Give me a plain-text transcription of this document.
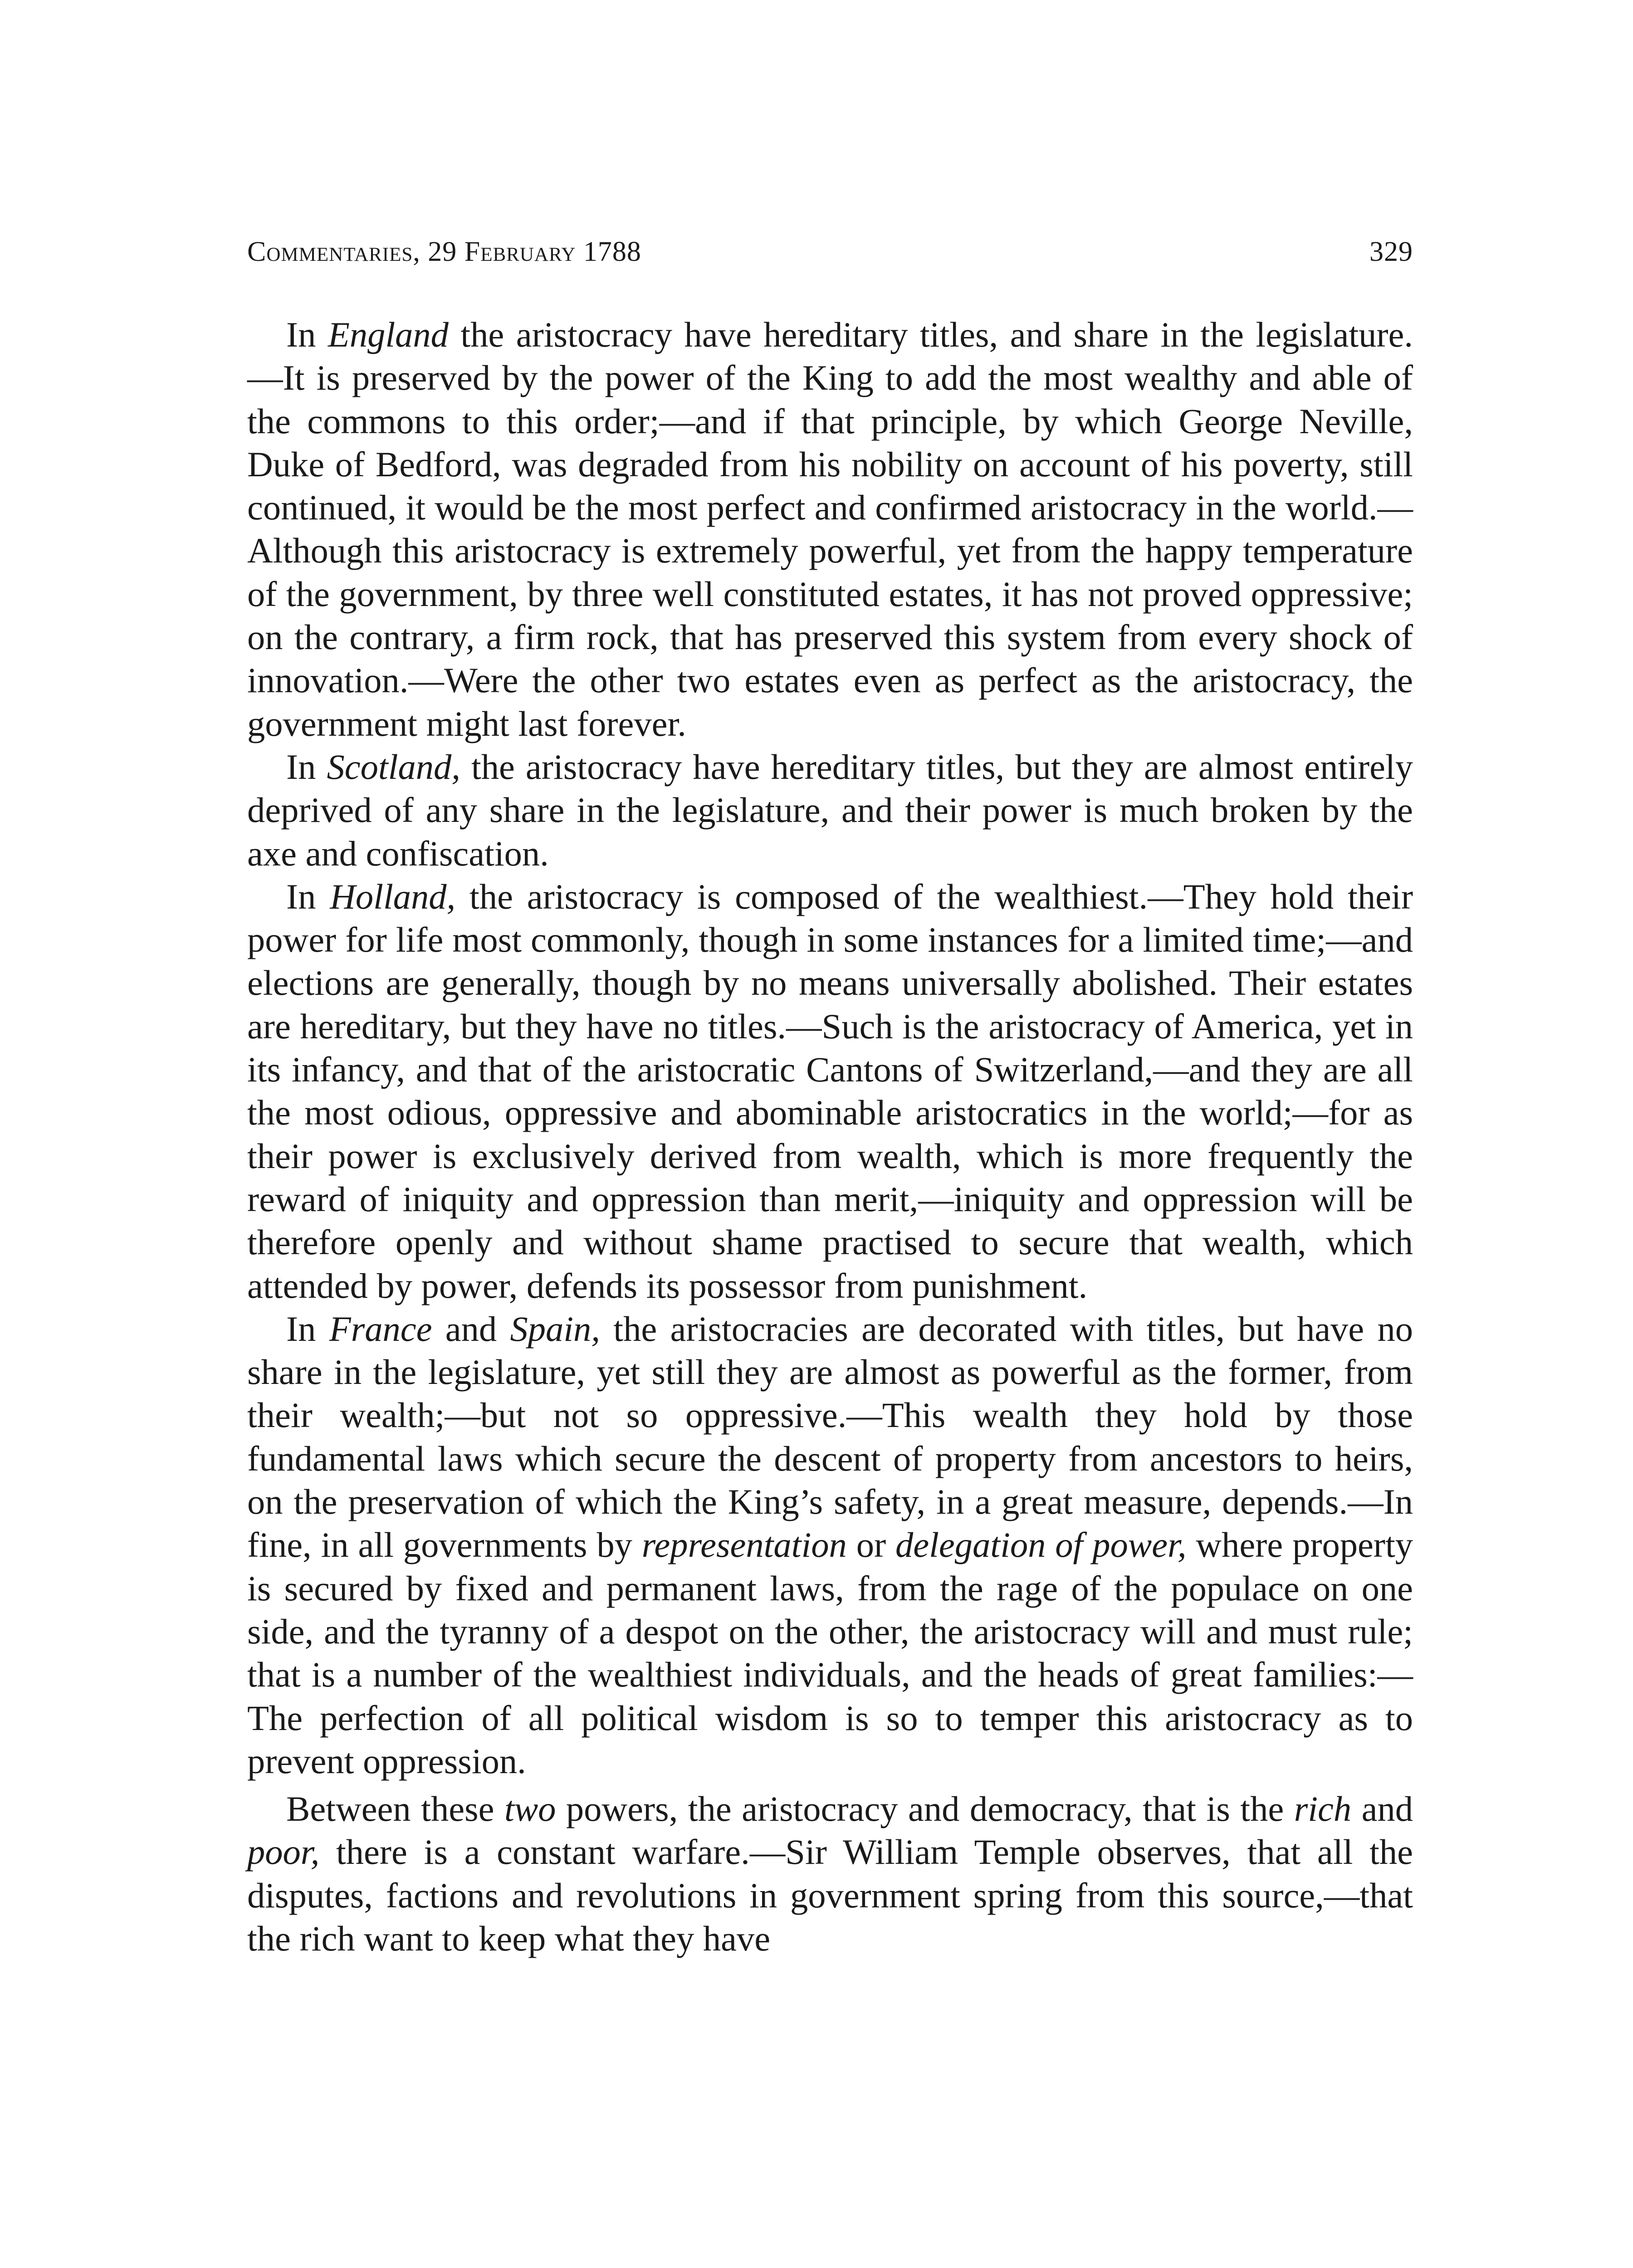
Commentaries, 29 February 1788	329

In England the aristocracy have hereditary titles, and share in the legislature.—It is preserved by the power of the King to add the most wealthy and able of the commons to this order;—and if that principle, by which George Neville, Duke of Bedford, was degraded from his nobility on account of his poverty, still continued, it would be the most perfect and confirmed aristocracy in the world.—Although this aristocracy is extremely powerful, yet from the happy temperature of the government, by three well constituted estates, it has not proved oppressive; on the contrary, a firm rock, that has preserved this system from every shock of innovation.—Were the other two estates even as perfect as the aristocracy, the government might last forever.

In Scotland, the aristocracy have hereditary titles, but they are almost entirely deprived of any share in the legislature, and their power is much broken by the axe and confiscation.

In Holland, the aristocracy is composed of the wealthiest.—They hold their power for life most commonly, though in some instances for a limited time;—and elections are generally, though by no means universally abolished. Their estates are hereditary, but they have no titles.—Such is the aristocracy of America, yet in its infancy, and that of the aristocratic Cantons of Switzerland,—and they are all the most odious, oppressive and abominable aristocratics in the world;—for as their power is exclusively derived from wealth, which is more frequently the reward of iniquity and oppression than merit,—iniquity and oppression will be therefore openly and without shame practised to secure that wealth, which attended by power, defends its possessor from punishment.

In France and Spain, the aristocracies are decorated with titles, but have no share in the legislature, yet still they are almost as powerful as the former, from their wealth;—but not so oppressive.—This wealth they hold by those fundamental laws which secure the descent of property from ancestors to heirs, on the preservation of which the King’s safety, in a great measure, depends.—In fine, in all governments by representation or delegation of power, where property is secured by fixed and permanent laws, from the rage of the populace on one side, and the tyranny of a despot on the other, the aristocracy will and must rule; that is a number of the wealthiest individuals, and the heads of great families:—The perfection of all political wisdom is so to temper this aristocracy as to prevent oppression.

Between these two powers, the aristocracy and democracy, that is the rich and poor, there is a constant warfare.—Sir William Temple observes, that all the disputes, factions and revolutions in government spring from this source,—that the rich want to keep what they have
